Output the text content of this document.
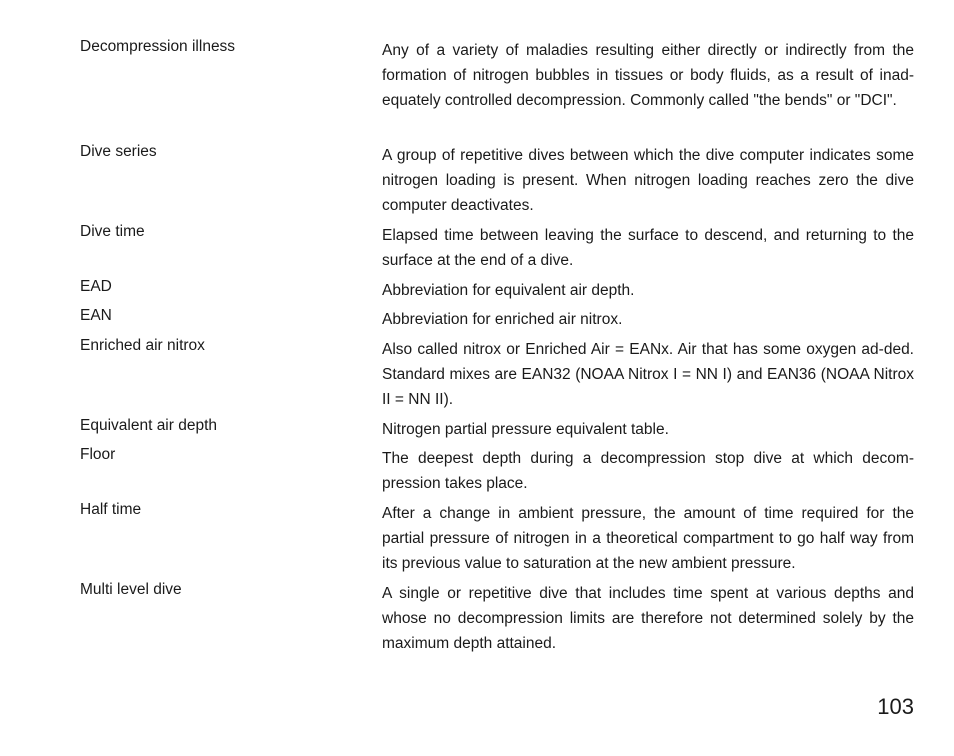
Decompression illness	Any of a variety of maladies resulting either directly or indirectly from the formation of nitrogen bubbles in tissues or body fluids, as a result of inad-equately controlled decompression. Commonly called "the bends" or "DCI".
Dive series	A group of repetitive dives between which the dive computer indicates some nitrogen loading is present. When nitrogen loading reaches zero the dive computer deactivates.
Dive time	Elapsed time between leaving the surface to descend, and returning to the surface at the end of a dive.
EAD	Abbreviation for equivalent air depth.
EAN	Abbreviation for enriched air nitrox.
Enriched air nitrox	Also called nitrox or Enriched Air = EANx. Air that has some oxygen ad-ded. Standard mixes are EAN32 (NOAA Nitrox I = NN I) and EAN36 (NOAA Nitrox II = NN II).
Equivalent air depth	Nitrogen partial pressure equivalent table.
Floor	The deepest depth during a decompression stop dive at which decom-pression takes place.
Half time	After a change in ambient pressure, the amount of time required for the partial pressure of nitrogen in a theoretical compartment to go half way from its previous value to saturation at the new ambient pressure.
Multi level dive	A single or repetitive dive that includes time spent at various depths and whose no decompression limits are therefore not determined solely by the maximum depth attained.
103
